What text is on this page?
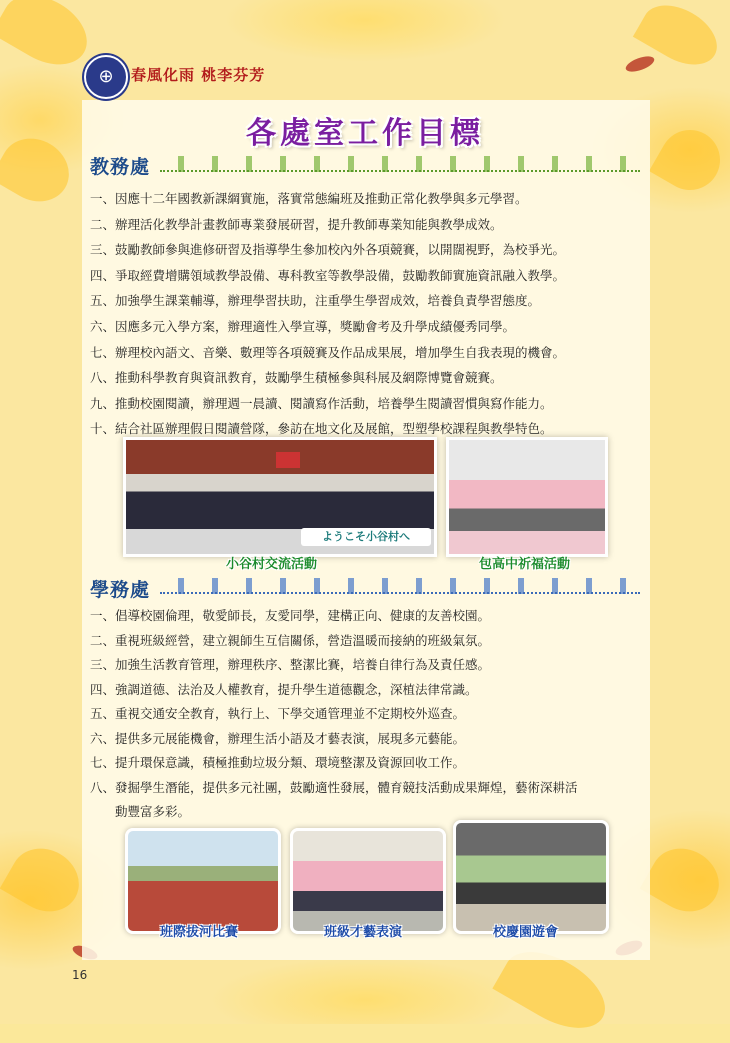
⊕	春風化雨 桃李芬芳
各處室工作目標
教務處
一、因應十二年國教新課綱實施，落實常態編班及推動正常化教學與多元學習。
二、辦理活化教學計畫教師專業發展研習，提升教師專業知能與教學成效。
三、鼓勵教師參與進修研習及指導學生參加校內外各項競賽，以開闊視野，為校爭光。
四、爭取經費增購領域教學設備、專科教室等教學設備，鼓勵教師實施資訊融入教學。
五、加強學生課業輔導，辦理學習扶助，注重學生學習成效，培養負責學習態度。
六、因應多元入學方案，辦理適性入學宣導，獎勵會考及升學成績優秀同學。
七、辦理校內語文、音樂、數理等各項競賽及作品成果展，增加學生自我表現的機會。
八、推動科學教育與資訊教育，鼓勵學生積極參與科展及網際博覽會競賽。
九、推動校園閱讀，辦理週一晨讀、閱讀寫作活動，培養學生閱讀習慣與寫作能力。
十、結合社區辦理假日閱讀營隊，參訪在地文化及展館，型塑學校課程與教學特色。
ようこそ小谷村へ
小谷村交流活動	包高中祈福活動
學務處
一、倡導校園倫理，敬愛師長，友愛同學，建構正向、健康的友善校園。
二、重視班級經營，建立親師生互信關係，營造溫暖而接納的班級氣氛。
三、加強生活教育管理，辦理秩序、整潔比賽，培養自律行為及責任感。
四、強調道德、法治及人權教育，提升學生道德觀念，深植法律常識。
五、重視交通安全教育，執行上、下學交通管理並不定期校外巡查。
六、提供多元展能機會，辦理生活小語及才藝表演，展現多元藝能。
七、提升環保意識，積極推動垃圾分類、環境整潔及資源回收工作。
八、發掘學生潛能，提供多元社團，鼓勵適性發展，體育競技活動成果輝煌，藝術深耕活
　　動豐富多彩。
班際拔河比賽	班級才藝表演	校慶園遊會
16
